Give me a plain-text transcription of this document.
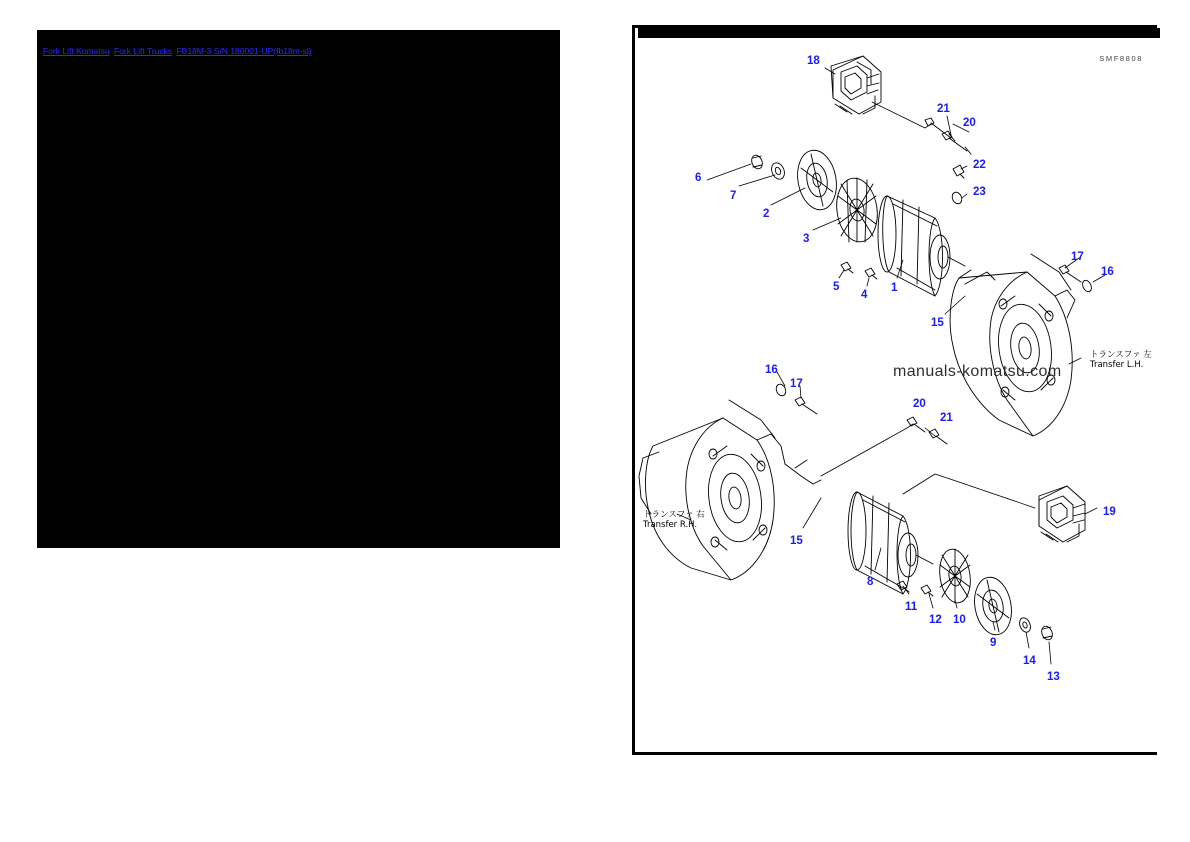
Fork Lift Komatsu Fork Lift Trucks FB18M-3 S/N 180001-UP(fb18m-sl)
SMF8808
トランスファ 左
Transfer L.H.
トランスファ 右
Transfer R.H.
18
21
20
22
23
6
7
2
3
5
4
1
15
17
16
16
17
20
21
19
15
8
11
12 10
9
14
13
manuals-komatsu.com
